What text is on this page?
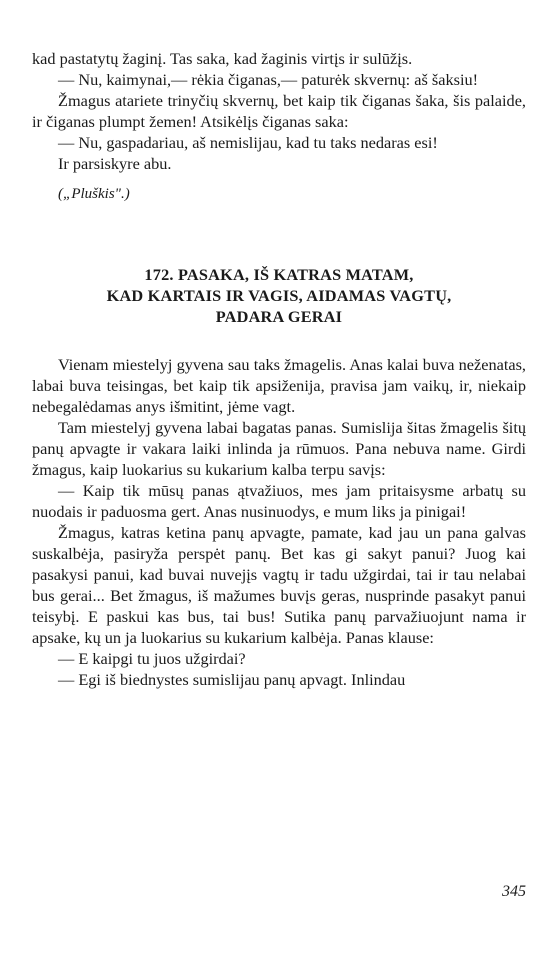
kad pastatytų žaginį. Tas saka, kad žaginis virtįs ir sulūžįs.

— Nu, kaimynai,— rėkia čiganas,— paturėk skvernų: aš šaksiu!

Žmagus atariete trinyčių skvernų, bet kaip tik čiganas šaka, šis palaide, ir čiganas plumpt žemen! Atsikėlįs čiganas saka:

— Nu, gaspadariau, aš nemislijau, kad tu taks nedaras esi!

Ir parsiskyre abu.

(„Pluškis".)

172. PASAKA, IŠ KATRAS MATAM,
KAD KARTAIS IR VAGIS, AIDAMAS VAGTŲ,
PADARA GERAI

Vienam miestelyj gyvena sau taks žmagelis. Anas kalai buva neženatas, labai buva teisingas, bet kaip tik apsiženija, pravisa jam vaikų, ir, niekaip nebegalėdamas anys išmitint, jėme vagt.

Tam miestelyj gyvena labai bagatas panas. Sumislija šitas žmagelis šitų panų apvagte ir vakara laiki inlinda ja rūmuos. Pana nebuva name. Girdi žmagus, kaip luokarius su kukarium kalba terpu savįs:

— Kaip tik mūsų panas ątvažiuos, mes jam pritaisysme arbatų su nuodais ir paduosma gert. Anas nusinuodys, e mum liks ja pinigai!

Žmagus, katras ketina panų apvagte, pamate, kad jau un pana galvas suskalbėja, pasiryža perspėt panų. Bet kas gi sakyt panui? Juog kai pasakysi panui, kad buvai nuvejįs vagtų ir tadu užgirdai, tai ir tau nelabai bus gerai... Bet žmagus, iš mažumes buvįs geras, nusprinde pasakyt panui teisybį. E paskui kas bus, tai bus! Sutika panų parvažiuojunt nama ir apsake, kų un ja luokarius su kukarium kalbėja. Panas klause:

— E kaipgi tu juos užgirdai?

— Egi iš biednystes sumislijau panų apvagt. Inlindau

345
